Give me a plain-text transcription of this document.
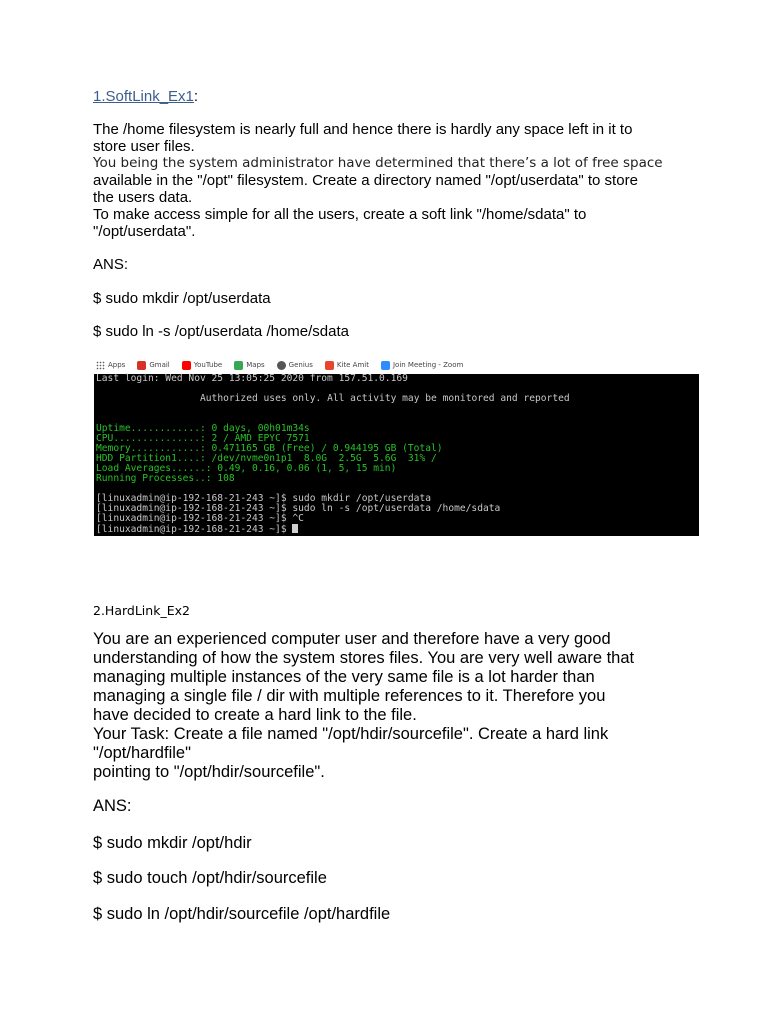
1.SoftLink_Ex1:
The /home filesystem is nearly full and hence there is hardly any space left in it to
store user files.
You being the system administrator have determined that there’s a lot of free space
available in the "/opt" filesystem. Create a directory named "/opt/userdata" to store
the users data.
To make access simple for all the users, create a soft link "/home/sdata" to
"/opt/userdata".
ANS:
$ sudo mkdir /opt/userdata
$ sudo ln -s /opt/userdata /home/sdata
Apps	Gmail	YouTube	Maps	Genius	Kite Amit	Join Meeting - Zoom
Last login: Wed Nov 25 13:05:25 2020 from 157.51.0.169

Authorized uses only. All activity may be monitored and reported

Uptime............: 0 days, 00h01m34s
CPU...............: 2 / AMD EPYC 7571
Memory............: 0.471165 GB (Free) / 0.944195 GB (Total)
HDD Partition1....: /dev/nvme0n1p1  8.0G  2.5G  5.6G  31% /
Load Averages......: 0.49, 0.16, 0.06 (1, 5, 15 min)
Running Processes..: 108

[linuxadmin@ip-192-168-21-243 ~]$ sudo mkdir /opt/userdata
[linuxadmin@ip-192-168-21-243 ~]$ sudo ln -s /opt/userdata /home/sdata
[linuxadmin@ip-192-168-21-243 ~]$ ^C
[linuxadmin@ip-192-168-21-243 ~]$
2.HardLink_Ex2
You are an experienced computer user and therefore have a very good
understanding of how the system stores files. You are very well aware that
managing multiple instances of the very same file is a lot harder than
managing a single file / dir with multiple references to it. Therefore you
have decided to create a hard link to the file.
Your Task: Create a file named "/opt/hdir/sourcefile". Create a hard link
"/opt/hardfile"
pointing to "/opt/hdir/sourcefile".
ANS:
$ sudo mkdir /opt/hdir
$ sudo touch /opt/hdir/sourcefile
$ sudo ln /opt/hdir/sourcefile /opt/hardfile
